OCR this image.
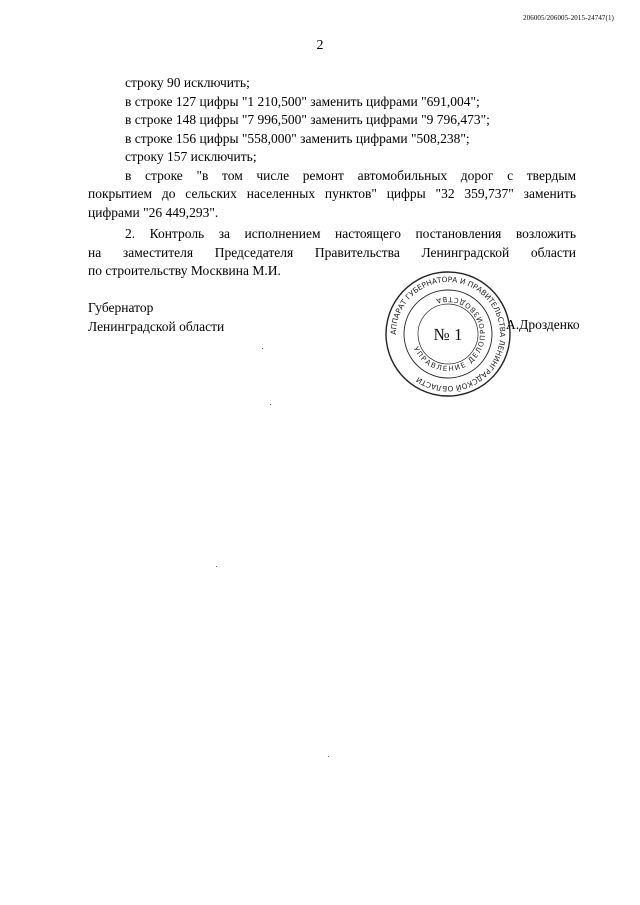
206005/206005-2015-24747(1)
2
строку 90 исключить;
в строке 127 цифры "1 210,500" заменить цифрами "691,004";
в строке 148 цифры "7 996,500" заменить цифрами "9 796,473";
в строке 156 цифры "558,000" заменить цифрами "508,238";
строку 157 исключить;
в строке "в том числе ремонт автомобильных дорог с твердым
покрытием до сельских населенных пунктов" цифры "32 359,737" заменить
цифрами "26 449,293".
2. Контроль за исполнением настоящего постановления возложить
на заместителя Председателя Правительства Ленинградской области
по строительству Москвина М.И.
Губернатор
Ленинградской области	А.Дрозденко
АППАРАТ ГУБЕРНАТОРА И ПРАВИТЕЛЬСТВА ЛЕНИНГРАДСКОЙ ОБЛАСТИ
УПРАВЛЕНИЕ ДЕЛОПРОИЗВОДСТВА
№ 1
